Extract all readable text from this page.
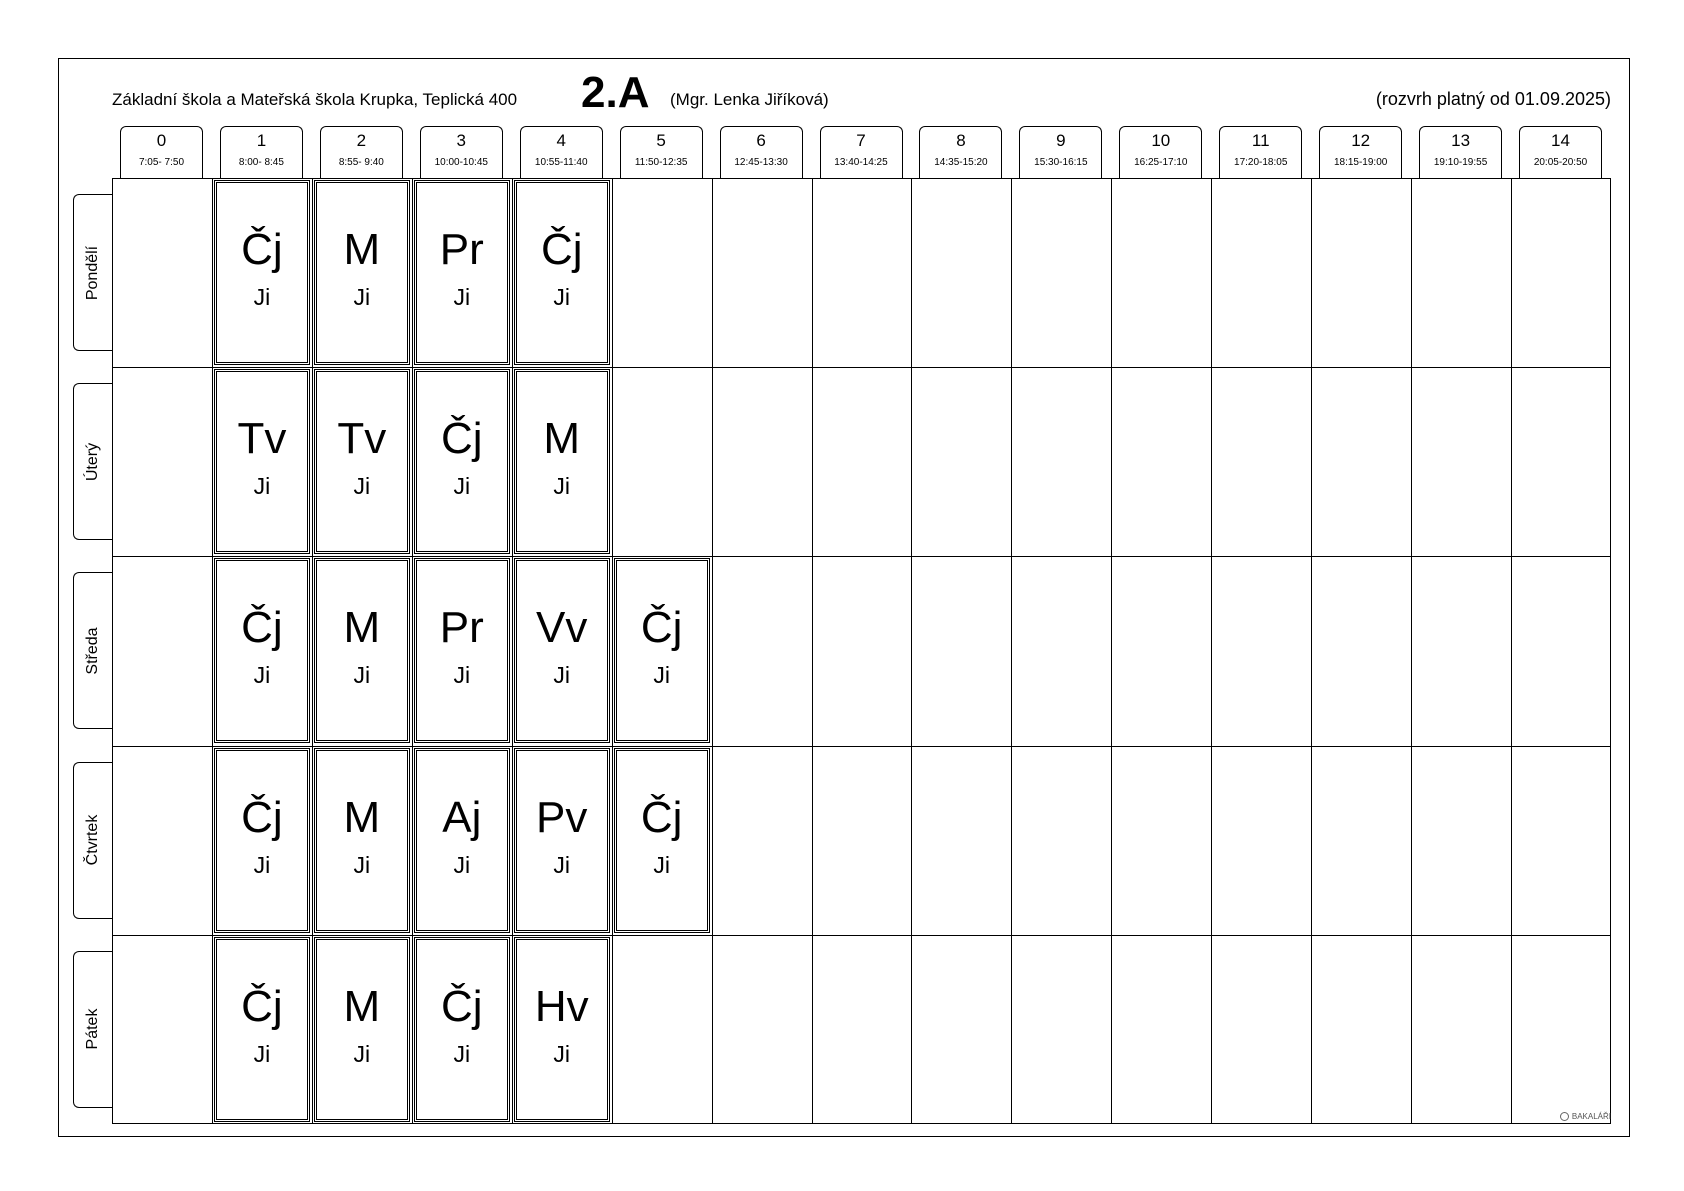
Základní škola a Mateřská škola Krupka, Teplická 400 2.A (Mgr. Lenka Jiříková)	(rozvrh platný od 01.09.2025)
0
7:05- 7:50
1
8:00- 8:45
2
8:55- 9:40
3
10:00-10:45
4
10:55-11:40
5
11:50-12:35
6
12:45-13:30
7
13:40-14:25
8
14:35-15:20
9
15:30-16:15
10
16:25-17:10
11
17:20-18:05
12
18:15-19:00
13
19:10-19:55
14
20:05-20:50
Pondělí
Úterý
Středa
Čtvrtek
Pátek
Čj
Ji
M
Ji
Pr
Ji
Čj
Ji
Tv
Ji
Tv
Ji
Čj
Ji
M
Ji
Čj
Ji
M
Ji
Pr
Ji
Vv
Ji
Čj
Ji
Čj
Ji
M
Ji
Aj
Ji
Pv
Ji
Čj
Ji
Čj
Ji
M
Ji
Čj
Ji
Hv
Ji
BAKALÁŘI
